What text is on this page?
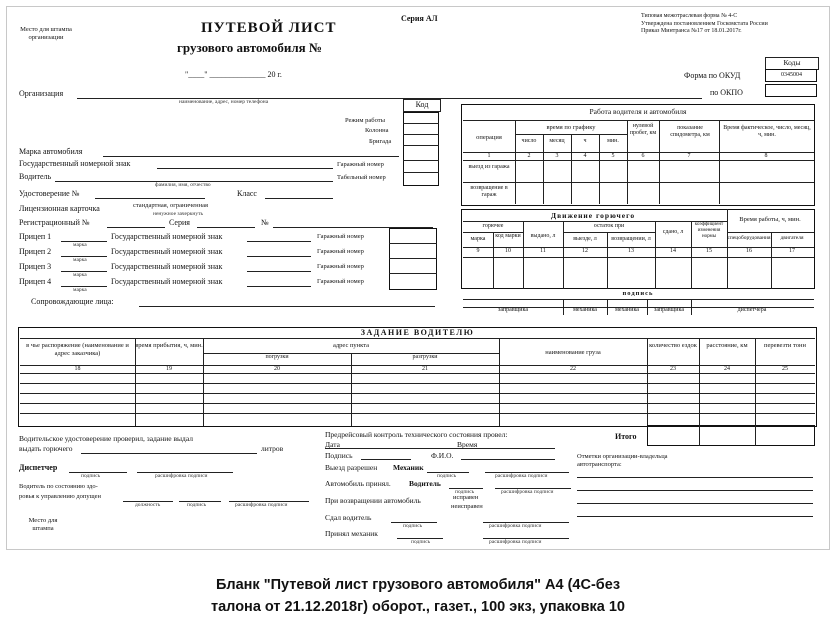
Место для штампа организации
ПУТЕВОЙ ЛИСТ
грузового автомобиля №
Серия АЛ	Типовая межотраслевая форма № 4-С
Утверждена постановлением Госкомстата России
Приказ Минтранса №17 от 18.01.2017г.
"____" ______________ 20 г.
Коды
0345004
Форма по ОКУД
по ОКПО
Организация
наименование, адрес, номер телефона
Режим работы
Колонна
Бригада
Код
Марка автомобиля
Государственный номерной знак	Гаражный номер
Водитель	Табельный номер
фамилия, имя, отчество
Удостоверение №	Класс
Лицензионная карточка	стандартная, ограниченная
ненужное зачеркнуть
Регистрационный №	Серия	№
Прицеп 1
Прицеп 2
Прицеп 3
Прицеп 4
марка
марка
марка
марка
Государственный номерной знак
Государственный номерной знак
Государственный номерной знак
Государственный номерной знак
Гаражный номер
Гаражный номер
Гаражный номер
Гаражный номер
Сопровождающие лица:
Работа водителя и автомобиля
операция
время по графику
число	месяц	ч	мин.
нулевой пробег, км
показание спидометра, км
Время фактическое, число, месяц, ч, мин.
1	2	3	4	5	6	7	8
выезд из гаража
возвращение в гараж
Движение горючего	Время работы, ч, мин.
горючее
марка	код марки	выдано, л
остаток при
выезде, л	возвращении, л
сдано, л
коэффициент изменения нормы	спецоборудования	двигателя
9	10	11	12	13	14	15	16	17
подпись
заправщика	механика	механика	заправщика	диспетчера
ЗАДАНИЕ ВОДИТЕЛЮ
в чье распоряжение (наименование и адрес заказчика)
время прибытия, ч, мин.	адрес пункта
погрузки	разгрузки
наименование груза
количество ездок	расстояние, км	перевезти тонн
18	19	20	21	22	23	24	25
Итого
Водительское удостоверение проверил, задание выдал
выдать горючего	литров
Диспетчер
подпись	расшифровка подписи
Водитель по состоянию здо-
ровья к управлению допущен
должность	подпись	расшифровка подписи
Место для штампа
Предрейсовый контроль технического состояния провел:
Дата	Время
Подпись	Ф.И.О.
Выезд разрешен Механик
подпись	расшифровка подписи
Автомобиль принял. Водитель
подпись	расшифровка подписи
При возвращении автомобиль	исправен
неисправен
Сдал водитель
подпись	расшифровка подписи
Принял механик
подпись	расшифровка подписи
Отметки организации-владельца автотранспорта:
Бланк "Путевой лист грузового автомобиля" А4 (4С-без
талона от 21.12.2018г) оборот., газет., 100 экз, упаковка 10
